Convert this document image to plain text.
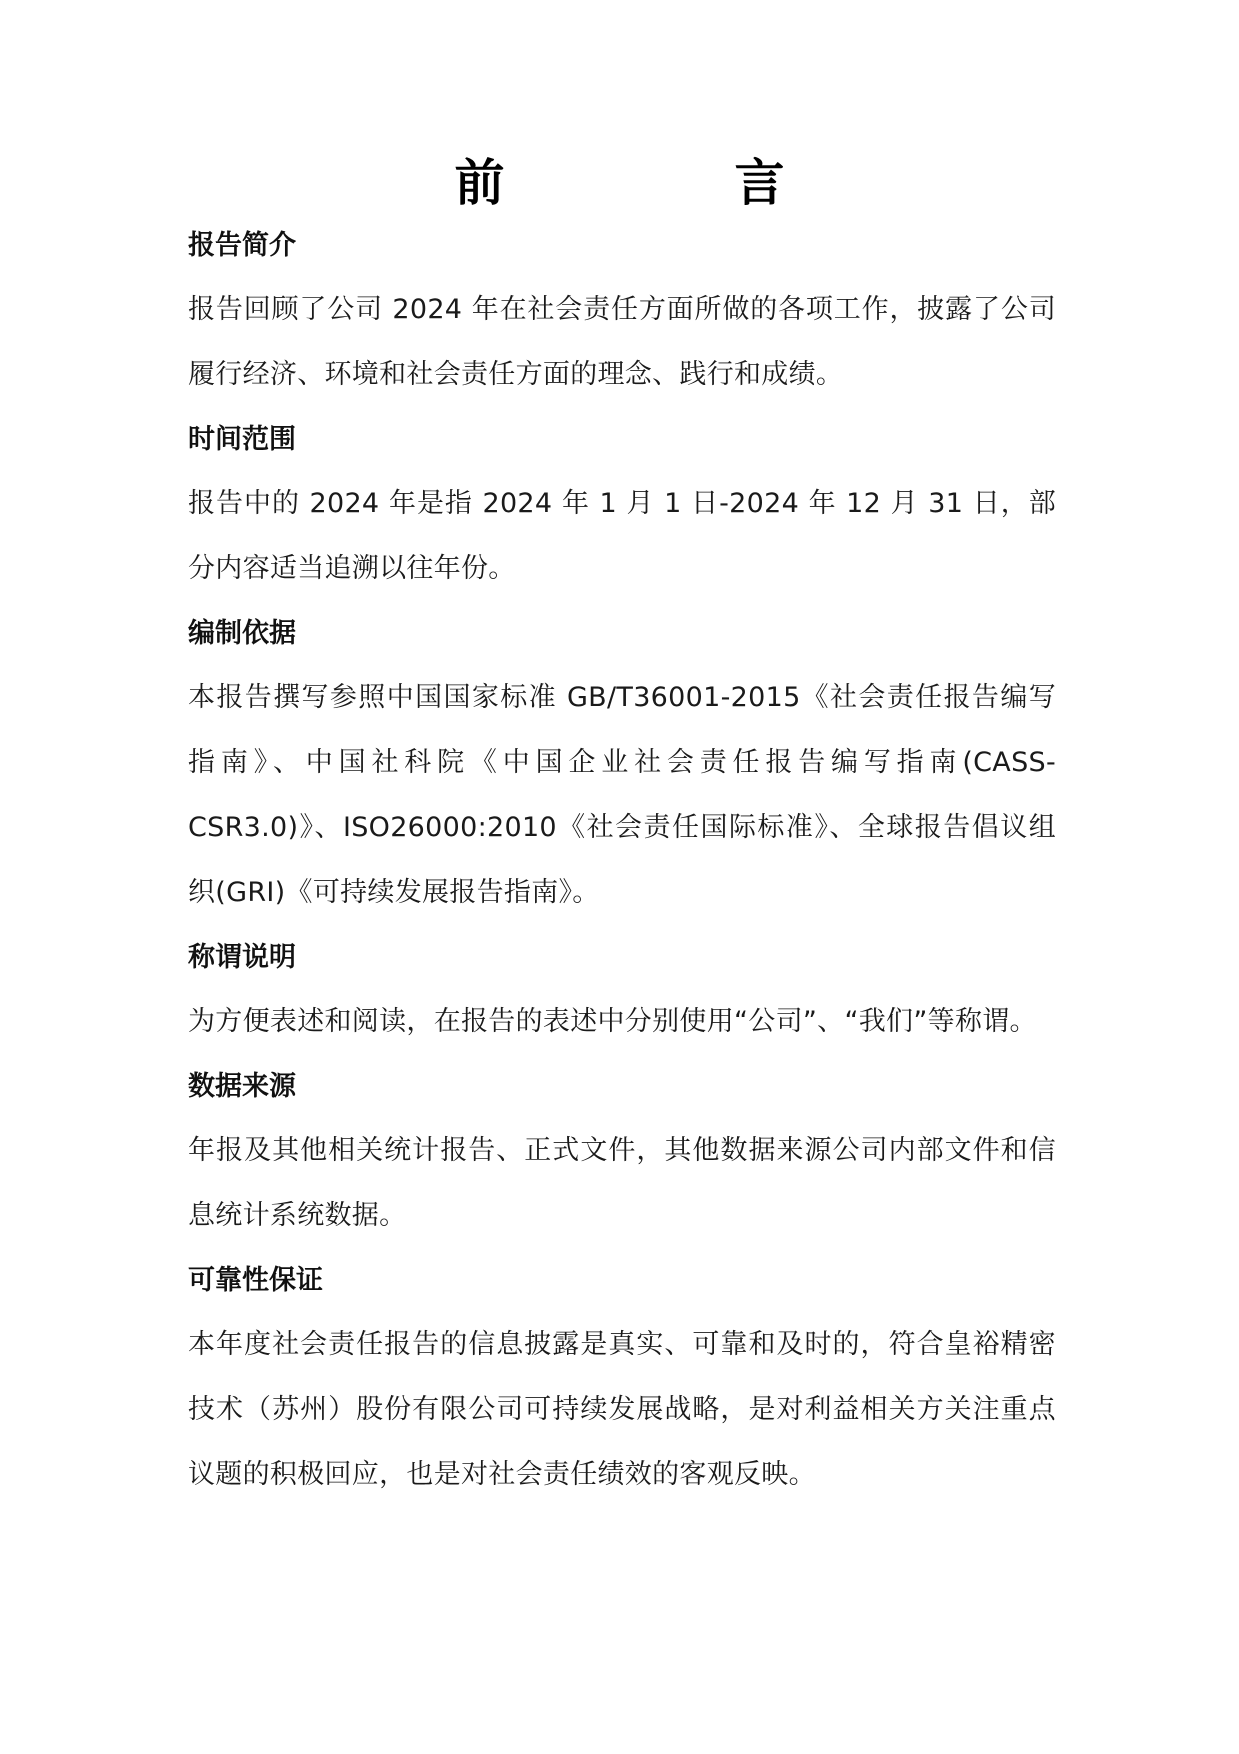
前　言
报告简介
报告回顾了公司 2024 年在社会责任方面所做的各项工作，披露了公司履行经济、环境和社会责任方面的理念、践行和成绩。
时间范围
报告中的 2024 年是指 2024 年 1 月 1 日-2024 年 12 月 31 日，部分内容适当追溯以往年份。
编制依据
本报告撰写参照中国国家标准 GB/T36001-2015《社会责任报告编写指南》、中国社科院《中国企业社会责任报告编写指南(CASS-CSR3.0)》、ISO26000:2010《社会责任国际标准》、全球报告倡议组织(GRI)《可持续发展报告指南》。
称谓说明
为方便表述和阅读，在报告的表述中分别使用“公司”、“我们”等称谓。
数据来源
年报及其他相关统计报告、正式文件，其他数据来源公司内部文件和信息统计系统数据。
可靠性保证
本年度社会责任报告的信息披露是真实、可靠和及时的，符合皇裕精密技术（苏州）股份有限公司可持续发展战略，是对利益相关方关注重点议题的积极回应，也是对社会责任绩效的客观反映。
